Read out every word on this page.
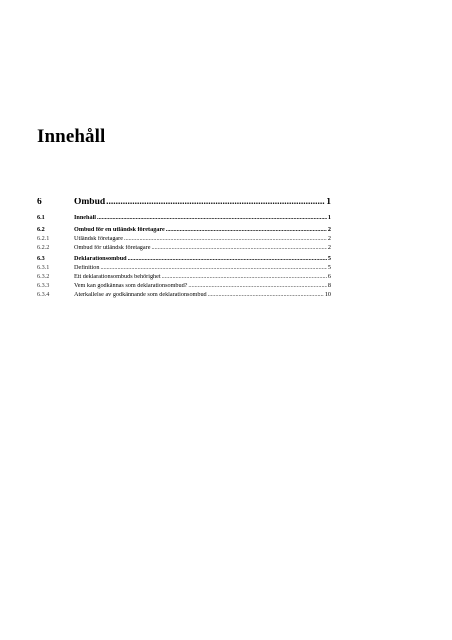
Innehåll
6	Ombud .....	1
6.1	Innehåll .....	1
6.2	Ombud för en utländsk företagare .....	2
6.2.1	Utländsk företagare .....	2
6.2.2	Ombud för utländsk företagare .....	2
6.3	Deklarationsombud .....	5
6.3.1	Definition .....	5
6.3.2	Ett deklarationsombuds behörighet .....	6
6.3.3	Vem kan godkännas som deklarationsombud? .....	8
6.3.4	Återkallelse av godkännande som deklarationsombud .....	10
